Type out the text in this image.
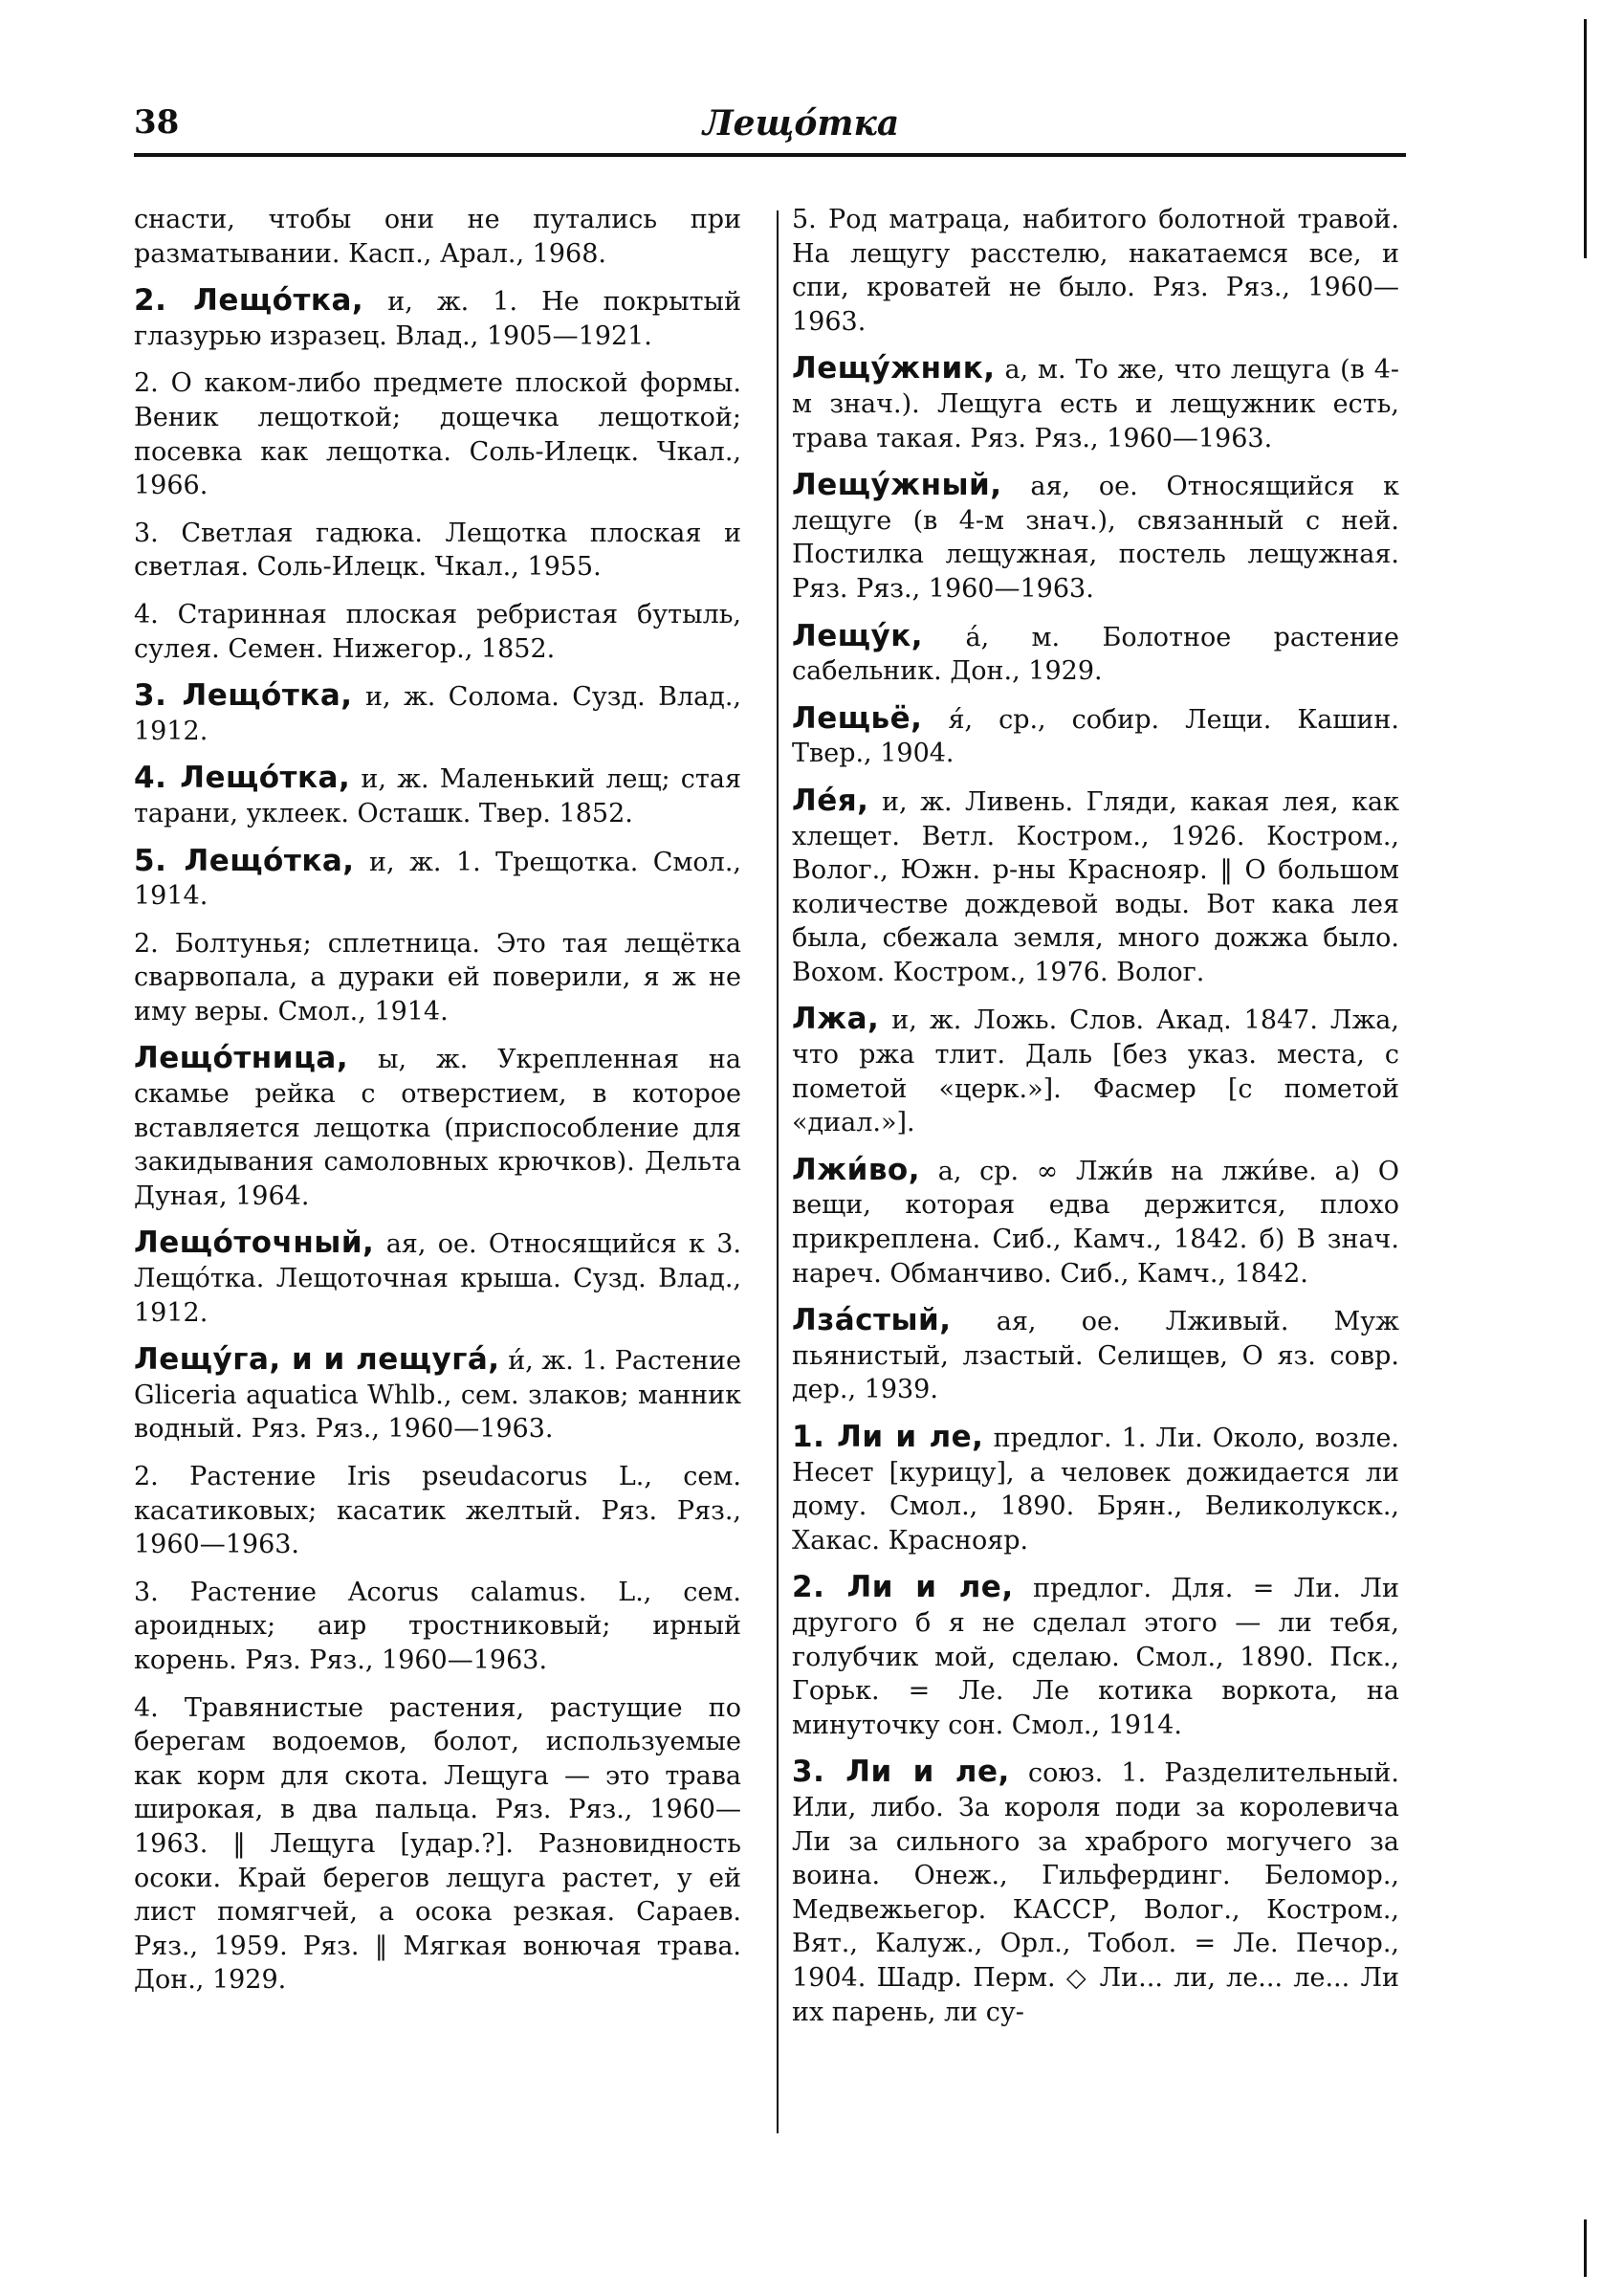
38	Лещо́тка

снасти, чтобы они не путались при разматывании. Касп., Арал., 1968.

2. Лещо́тка, и, ж. 1. Не покрытый глазурью изразец. Влад., 1905—1921.

2. О каком-либо предмете плоской формы. Веник лещоткой; дощечка лещоткой; посевка как лещотка. Соль-Илецк. Чкал., 1966.

3. Светлая гадюка. Лещотка плоская и светлая. Соль-Илецк. Чкал., 1955.

4. Старинная плоская ребристая бутыль, сулея. Семен. Нижегор., 1852.

3. Лещо́тка, и, ж. Солома. Сузд. Влад., 1912.

4. Лещо́тка, и, ж. Маленький лещ; стая тарани, уклеек. Осташк. Твер. 1852.

5. Лещо́тка, и, ж. 1. Трещотка. Смол., 1914.

2. Болтунья; сплетница. Это тая лещётка сварвопала, а дураки ей поверили, я ж не иму веры. Смол., 1914.

Лещо́тница, ы, ж. Укрепленная на скамье рейка с отверстием, в которое вставляется лещотка (приспособление для закидывания самоловных крючков). Дельта Дуная, 1964.

Лещо́точный, ая, ое. Относящийся к 3. Лещо́тка. Лещоточная крыша. Сузд. Влад., 1912.

Лещу́га, и и лещуга́, и́, ж. 1. Растение Gliceria aquatica Whlb., сем. злаков; манник водный. Ряз. Ряз., 1960—1963.

2. Растение Iris pseudacorus L., сем. касатиковых; касатик желтый. Ряз. Ряз., 1960—1963.

3. Растение Acorus calamus. L., сем. ароидных; аир тростниковый; ирный корень. Ряз. Ряз., 1960—1963.

4. Травянистые растения, растущие по берегам водоемов, болот, используемые как корм для скота. Лещуга — это трава широкая, в два пальца. Ряз. Ряз., 1960—1963. ‖ Лещуга [удар.?]. Разновидность осоки. Край берегов лещуга растет, у ей лист помягчей, а осока резкая. Сараев. Ряз., 1959. Ряз. ‖ Мягкая вонючая трава. Дон., 1929.

5. Род матраца, набитого болотной травой. На лещугу расстелю, накатаемся все, и спи, кроватей не было. Ряз. Ряз., 1960—1963.

Лещу́жник, а, м. То же, что лещуга (в 4-м знач.). Лещуга есть и лещужник есть, трава такая. Ряз. Ряз., 1960—1963.

Лещу́жный, ая, ое. Относящийся к лещуге (в 4-м знач.), связанный с ней. Постилка лещужная, постель лещужная. Ряз. Ряз., 1960—1963.

Лещу́к, а́, м. Болотное растение сабельник. Дон., 1929.

Лещьё, я́, ср., собир. Лещи. Кашин. Твер., 1904.

Ле́я, и, ж. Ливень. Гляди, какая лея, как хлещет. Ветл. Костром., 1926. Костром., Волог., Южн. р-ны Краснояр. ‖ О большом количестве дождевой воды. Вот кака лея была, сбежала земля, много дожжа было. Вохом. Костром., 1976. Волог.

Лжа, и, ж. Ложь. Слов. Акад. 1847. Лжа, что ржа тлит. Даль [без указ. места, с пометой «церк.»]. Фасмер [с пометой «диал.»].

Лжи́во, а, ср. ∞ Лжи́в на лжи́ве. а) О вещи, которая едва держится, плохо прикреплена. Сиб., Камч., 1842. б) В знач. нареч. Обманчиво. Сиб., Камч., 1842.

Лза́стый, ая, ое. Лживый. Муж пьянистый, лзастый. Селищев, О яз. совр. дер., 1939.

1. Ли и ле, предлог. 1. Ли. Около, возле. Несет [курицу], а человек дожидается ли дому. Смол., 1890. Брян., Великолукск., Хакас. Краснояр.

2. Ли и ле, предлог. Для. = Ли. Ли другого б я не сделал этого — ли тебя, голубчик мой, сделаю. Смол., 1890. Пск., Горьк. = Ле. Ле котика воркота, на минуточку сон. Смол., 1914.

3. Ли и ле, союз. 1. Разделительный. Или, либо. За короля поди за королевича Ли за сильного за храброго могучего за воина. Онеж., Гильфердинг. Беломор., Медвежьегор. КАССР, Волог., Костром., Вят., Калуж., Орл., Тобол. = Ле. Печор., 1904. Шадр. Перм. ◇ Ли... ли, ле... ле... Ли их парень, ли су-
